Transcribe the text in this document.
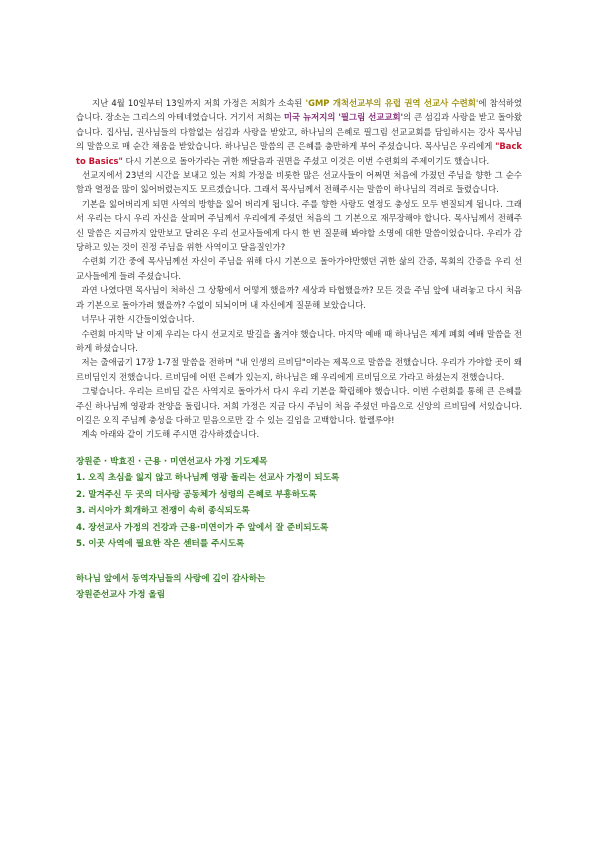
지난 4월 10일부터 13일까지 저희 가정은 저희가 소속된 'GMP 개척선교부의 유럽 권역 선교사 수련회'에 참석하였습니다. 장소는 그리스의 아테네였습니다. 거기서 저희는 미국 뉴저지의 '필그림 선교교회'의 큰 섬김과 사랑을 받고 돌아왔습니다. 집사님, 권사님들의 다함없는 섬김과 사랑을 받았고, 하나님의 은혜로 필그림 선교교회를 담임하시는 강사 목사님의 말씀으로 매 순간 채움을 받았습니다. 하나님은 말씀의 큰 은혜를 충만하게 부어 주셨습니다. 목사님은 우리에게 "Back to Basics" 다시 기본으로 돌아가라는 귀한 깨달음과 권면을 주셨고 이것은 이번 수련회의 주제이기도 했습니다.

선교지에서 23년의 시간을 보내고 있는 저희 가정을 비롯한 많은 선교사들이 어쩌면 처음에 가졌던 주님을 향한 그 순수함과 열정을 많이 잃어버렸는지도 모르겠습니다. 그래서 목사님께서 전해주시는 말씀이 하나님의 격려로 들렸습니다.

기본을 잃어버리게 되면 사역의 방향을 잃어 버리게 됩니다. 주를 향한 사랑도 열정도 충성도 모두 변질되게 됩니다. 그래서 우리는 다시 우리 자신을 살피며 주님께서 우리에게 주셨던 처음의 그 기본으로 재무장해야 합니다. 목사님께서 전해주신 말씀은 지금까지 앞만보고 달려온 우리 선교사들에게 다시 한 번 질문해 봐야할 소명에 대한 말씀이었습니다. 우리가 감당하고 있는 것이 진정 주님을 위한 사역이고 달음질인가?

수련회 기간 중에 목사님께선 자신이 주님을 위해 다시 기본으로 돌아가야만했던 귀한 삶의 간증, 목회의 간증을 우리 선교사들에게 들려 주셨습니다.

과연 나였다면 목사님이 처하신 그 상황에서 어떻게 했을까? 세상과 타협했을까? 모든 것을 주님 앞에 내려놓고 다시 처음과 기본으로 돌아가려 했을까? 수없이 되뇌이며 내 자신에게 질문해 보았습니다.

너무나 귀한 시간들이었습니다.

수련회 마지막 날 이제 우리는 다시 선교지로 발길을 옮겨야 했습니다. 마지막 예배 때 하나님은 제게 폐회 예배 말씀을 전하게 하셨습니다.

저는 출애굽기 17장 1-7절 말씀을 전하며 "내 인생의 르비딤"이라는 제목으로 말씀을 전했습니다. 우리가 가야할 곳이 왜 르비딤인지 전했습니다. 르비딤에 어떤 은혜가 있는지, 하나님은 왜 우리에게 르비딤으로 가라고 하셨는지 전했습니다.

그렇습니다. 우리는 르비딤 같은 사역지로 돌아가서 다시 우리 기본을 확립해야 했습니다. 이번 수련회를 통해 큰 은혜를 주신 하나님께 영광과 찬양을 돌립니다. 저희 가정은 지금 다시 주님이 처음 주셨던 마음으로 신앙의 르비딤에 서있습니다. 이길은 오직 주님께 충성을 다하고 믿음으로만 갈 수 있는 길임을 고백합니다. 할렐루야!

계속 아래와 같이 기도해 주시면 감사하겠습니다.

장원준 · 박효진 · 근용 · 미연선교사 가정 기도제목

1. 오직 초심을 잃지 않고 하나님께 영광 돌리는 선교사 가정이 되도록

2. 말겨주신 두 곳의 더사랑 공동체가 성령의 은혜로 부흥하도록

3. 러시아가 회개하고 전쟁이 속히 종식되도록

4. 장선교사 가정의 건강과 근용·미연이가 주 앞에서 잘 준비되도록

5. 이곳 사역에 필요한 작은 센터를 주시도록

하나님 앞에서 동역자님들의 사랑에 깊이 감사하는

장원준선교사 가정 올림
